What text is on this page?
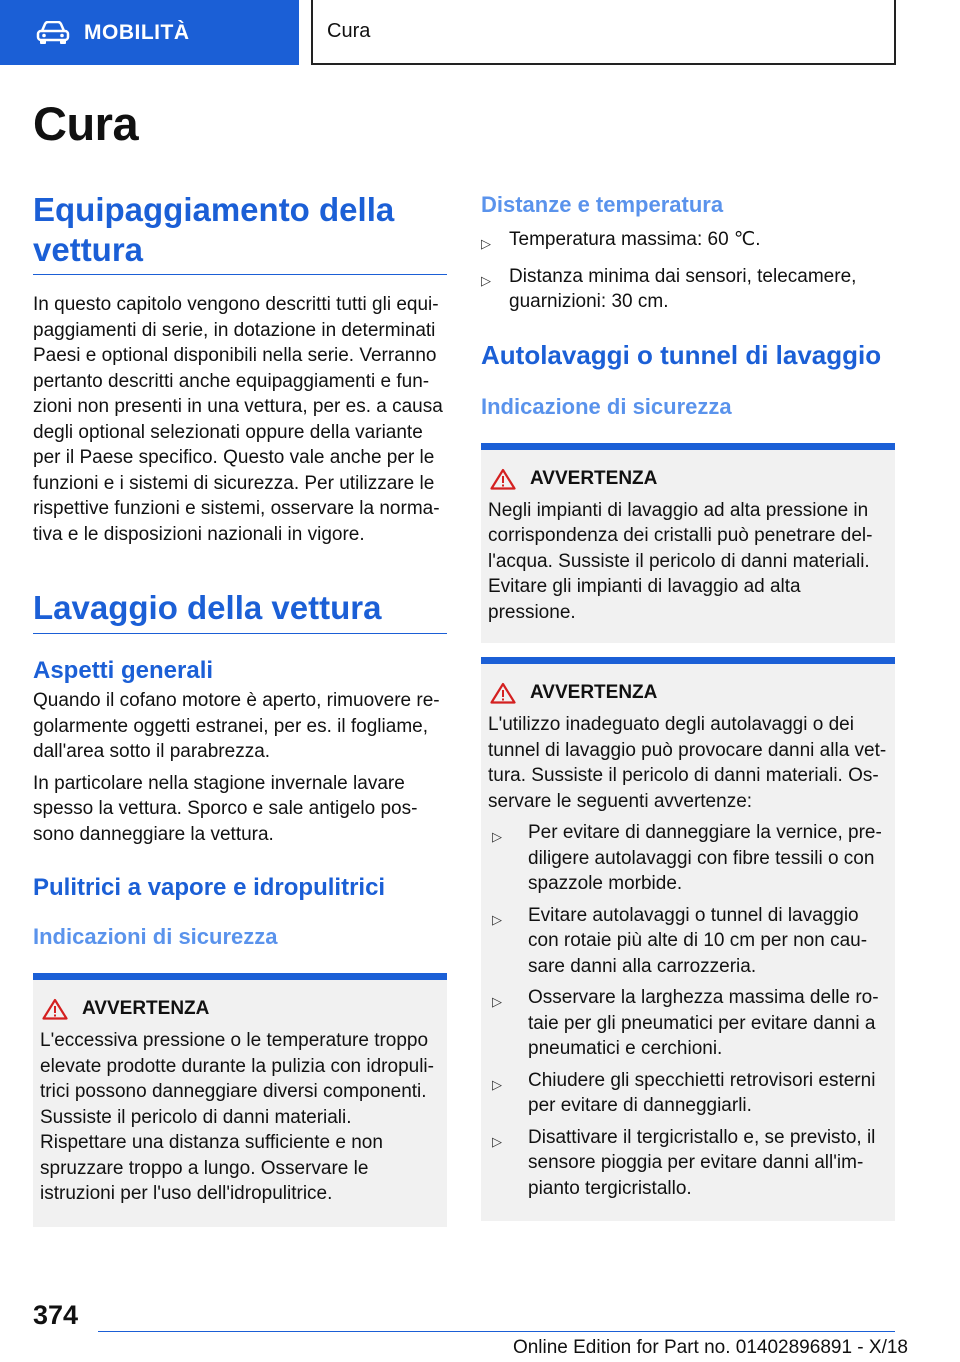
MOBILITÀ	Cura
Cura
Equipaggiamento della vettura

In questo capitolo vengono descritti tutti gli equipaggiamenti di serie, in dotazione in determinati Paesi e optional disponibili nella serie. Verranno pertanto descritti anche equipaggiamenti e funzioni non presenti in una vettura, per es. a causa degli optional selezionati oppure della variante per il Paese specifico. Questo vale anche per le funzioni e i sistemi di sicurezza. Per utilizzare le rispettive funzioni e sistemi, osservare la normativa e le disposizioni nazionali in vigore.

Lavaggio della vettura
Aspetti generali

Quando il cofano motore è aperto, rimuovere regolarmente oggetti estranei, per es. il fogliame, dall'area sotto il parabrezza.

In particolare nella stagione invernale lavare spesso la vettura. Sporco e sale antigelo possono danneggiare la vettura.

Pulitrici a vapore e idropulitrici
Indicazioni di sicurezza
AVVERTENZA

L'eccessiva pressione o le temperature troppo elevate prodotte durante la pulizia con idropulitrici possono danneggiare diversi componenti. Sussiste il pericolo di danni materiali. Rispettare una distanza sufficiente e non spruzzare troppo a lungo. Osservare le istruzioni per l'uso dell'idropulitrice.

Distanze e temperatura
▷ Temperatura massima: 60 ℃.
▷ Distanza minima dai sensori, telecamere, guarnizioni: 30 cm.
Autolavaggi o tunnel di lavaggio
Indicazione di sicurezza
AVVERTENZA

Negli impianti di lavaggio ad alta pressione in corrispondenza dei cristalli può penetrare dell'acqua. Sussiste il pericolo di danni materiali. Evitare gli impianti di lavaggio ad alta pressione.

AVVERTENZA

L'utilizzo inadeguato degli autolavaggi o dei tunnel di lavaggio può provocare danni alla vettura. Sussiste il pericolo di danni materiali. Osservare le seguenti avvertenze:

▷	Per evitare di danneggiare la vernice, prediligere autolavaggi con fibre tessili o con spazzole morbide.
▷	Evitare autolavaggi o tunnel di lavaggio con rotaie più alte di 10 cm per non causare danni alla carrozzeria.
▷	Osservare la larghezza massima delle rotaie per gli pneumatici per evitare danni a pneumatici e cerchioni.
▷	Chiudere gli specchietti retrovisori esterni per evitare di danneggiarli.
▷	Disattivare il tergicristallo e, se previsto, il sensore pioggia per evitare danni all'impianto tergicristallo.
374
Online Edition for Part no. 01402896891 - X/18
